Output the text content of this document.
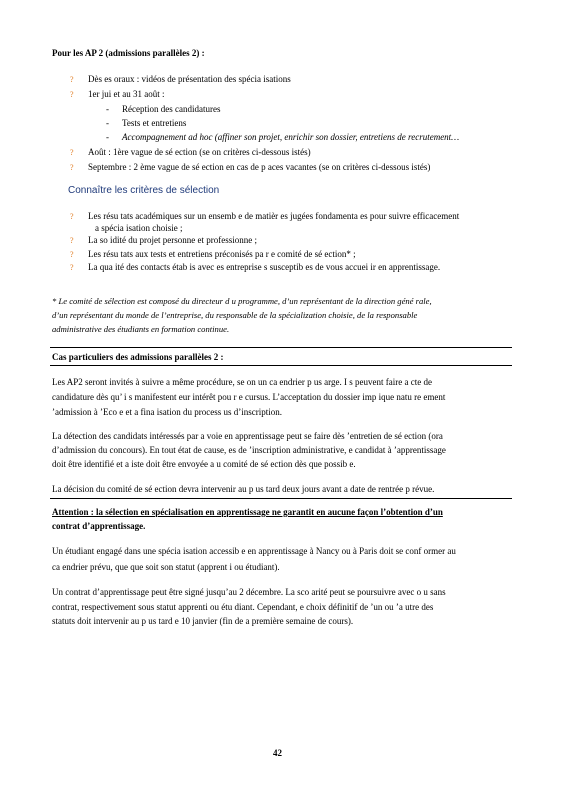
Pour les AP 2 (admissions parallèles 2) :
? Dès es oraux : vidéos de présentation des spécia isations
? 1er jui et au 31 août :
- Réception des candidatures
- Tests et entretiens
- Accompagnement ad hoc (affiner son projet, enrichir son dossier, entretiens de recrutement…
? Août : 1ère vague de sé ection (se on critères ci-dessous istés)
? Septembre : 2 ème vague de sé ection en cas de p aces vacantes (se on critères ci-dessous istés)
Connaître les critères de sélection
? Les résu tats académiques sur un ensemb e de matièr es jugées fondamenta es pour suivre efficacement
a spécia isation choisie ;
? La so idité du projet personne et professionne ;
? Les résu tats aux tests et entretiens préconisés pa r e comité de sé ection* ;
? La qua ité des contacts étab is avec es entreprise s susceptib es de vous accuei ir en apprentissage.
* Le comité de sélection est composé du directeur d u programme, d’un représentant de la direction géné rale,
d’un représentant du monde de l’entreprise, du responsable de la spécialization choisie, de la responsable
administrative des étudiants en formation continue.
Cas particuliers des admissions parallèles 2 :
Les AP2 seront invités à suivre a même procédure, se on un ca endrier p us arge. I s peuvent faire a cte de
candidature dès qu’ i s manifestent eur intérêt pou r e cursus. L’acceptation du dossier imp ique natu re ement
’admission à ’Eco e et a fina isation du process us d’inscription.
La détection des candidats intéressés par a voie en apprentissage peut se faire dès ’entretien de sé ection (ora
d’admission du concours). En tout état de cause, es de ’inscription administrative, e candidat à ’apprentissage
doit être identifié et a iste doit être envoyée a u comité de sé ection dès que possib e.
La décision du comité de sé ection devra intervenir au p us tard deux jours avant a date de rentrée p révue.
Attention : la sélection en spécialisation en apprentissage ne garantit en aucune façon l’obtention d’un
contrat d’apprentissage.
Un étudiant engagé dans une spécia isation accessib e en apprentissage à Nancy ou à Paris doit se conf ormer au
ca endrier prévu, que que soit son statut (apprent i ou étudiant).
Un contrat d’apprentissage peut être signé jusqu’au 2 décembre. La sco arité peut se poursuivre avec o u sans
contrat, respectivement sous statut apprenti ou étu diant. Cependant, e choix définitif de ’un ou ’a utre des
statuts doit intervenir au p us tard e 10 janvier (fin de a première semaine de cours).
42
